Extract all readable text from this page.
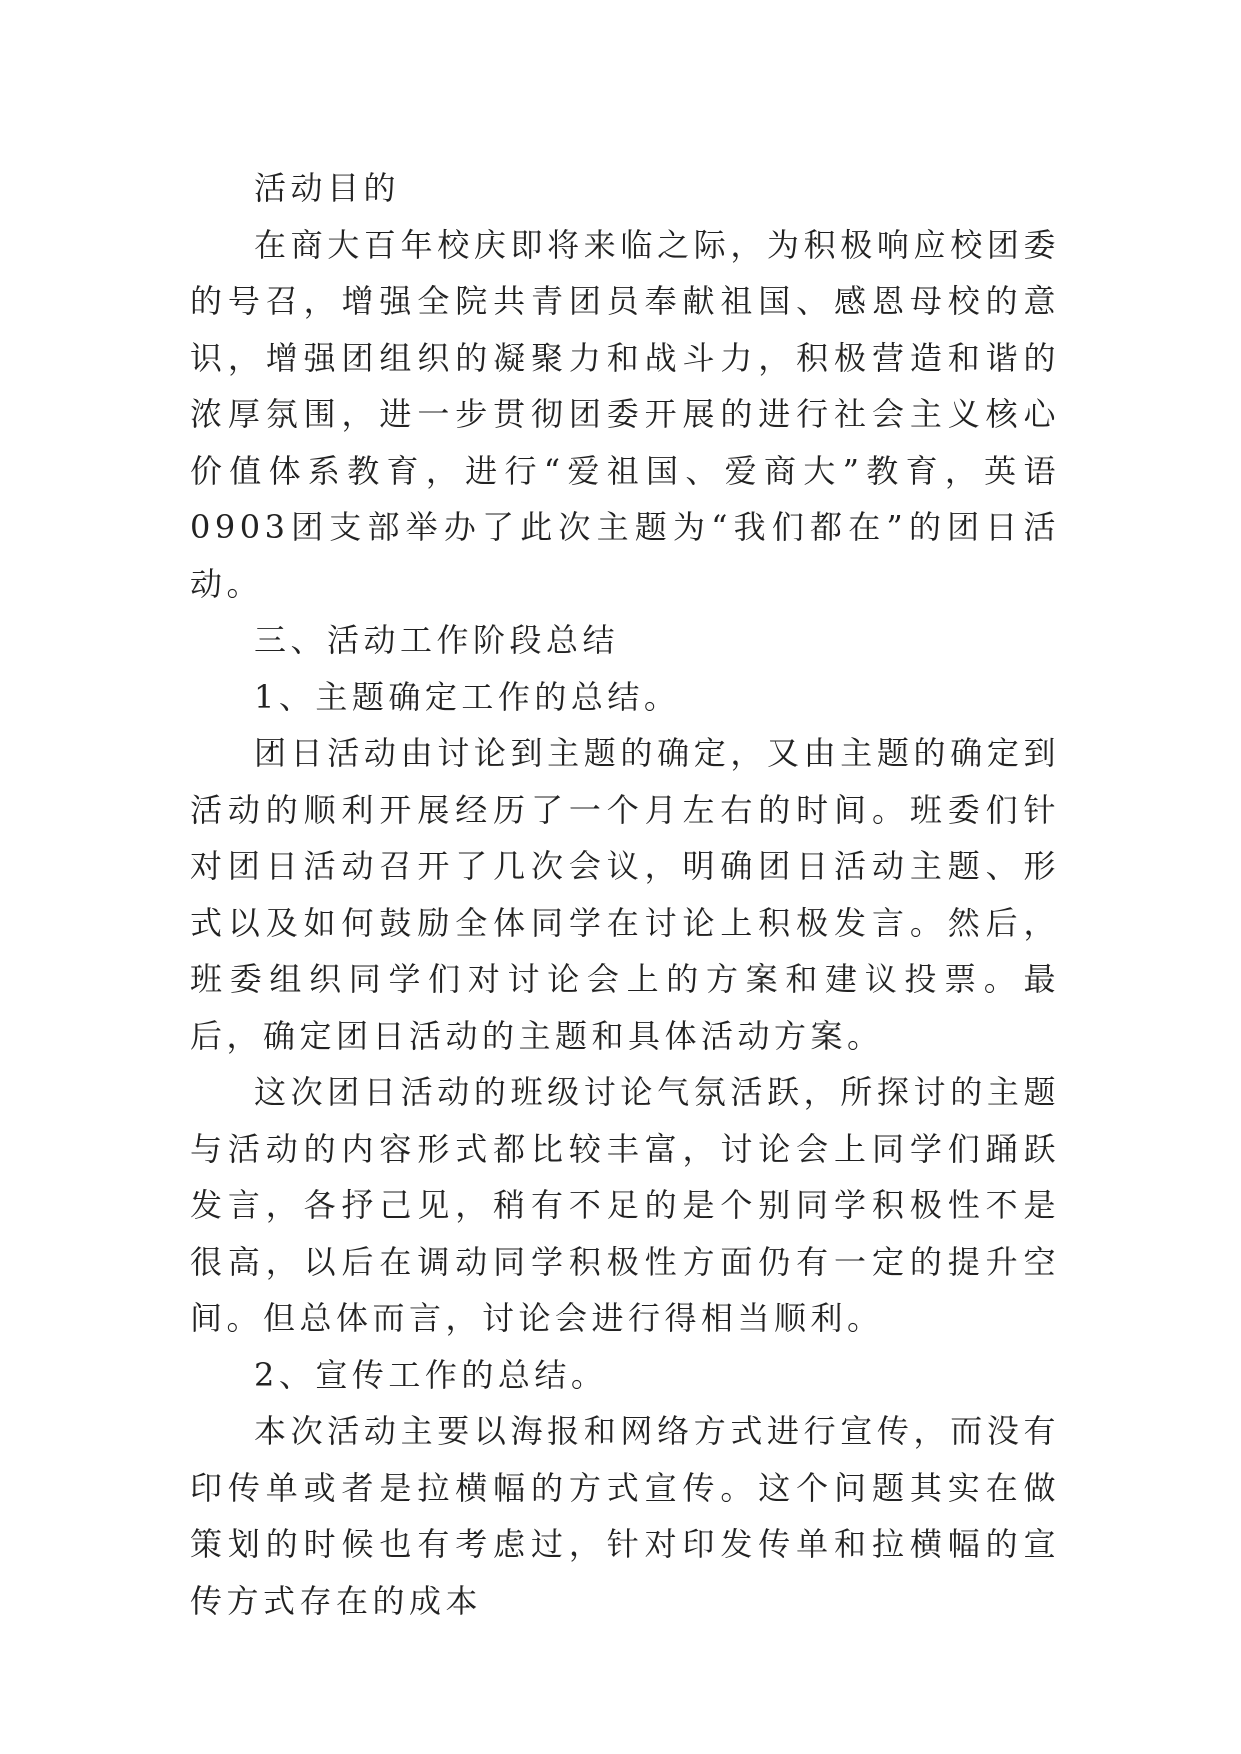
活动目的

在商大百年校庆即将来临之际，为积极响应校团委的号召，增强全院共青团员奉献祖国、感恩母校的意识，增强团组织的凝聚力和战斗力，积极营造和谐的浓厚氛围，进一步贯彻团委开展的进行社会主义核心价值体系教育，进行“爱祖国、爱商大”教育，英语0903团支部举办了此次主题为“我们都在”的团日活动。

三、活动工作阶段总结

1、主题确定工作的总结。

团日活动由讨论到主题的确定，又由主题的确定到活动的顺利开展经历了一个月左右的时间。班委们针对团日活动召开了几次会议，明确团日活动主题、形式以及如何鼓励全体同学在讨论上积极发言。然后，班委组织同学们对讨论会上的方案和建议投票。最后，确定团日活动的主题和具体活动方案。

这次团日活动的班级讨论气氛活跃，所探讨的主题与活动的内容形式都比较丰富，讨论会上同学们踊跃发言，各抒己见，稍有不足的是个别同学积极性不是很高，以后在调动同学积极性方面仍有一定的提升空间。但总体而言，讨论会进行得相当顺利。

2、宣传工作的总结。

本次活动主要以海报和网络方式进行宣传，而没有印传单或者是拉横幅的方式宣传。这个问题其实在做策划的时候也有考虑过，针对印发传单和拉横幅的宣传方式存在的成本
